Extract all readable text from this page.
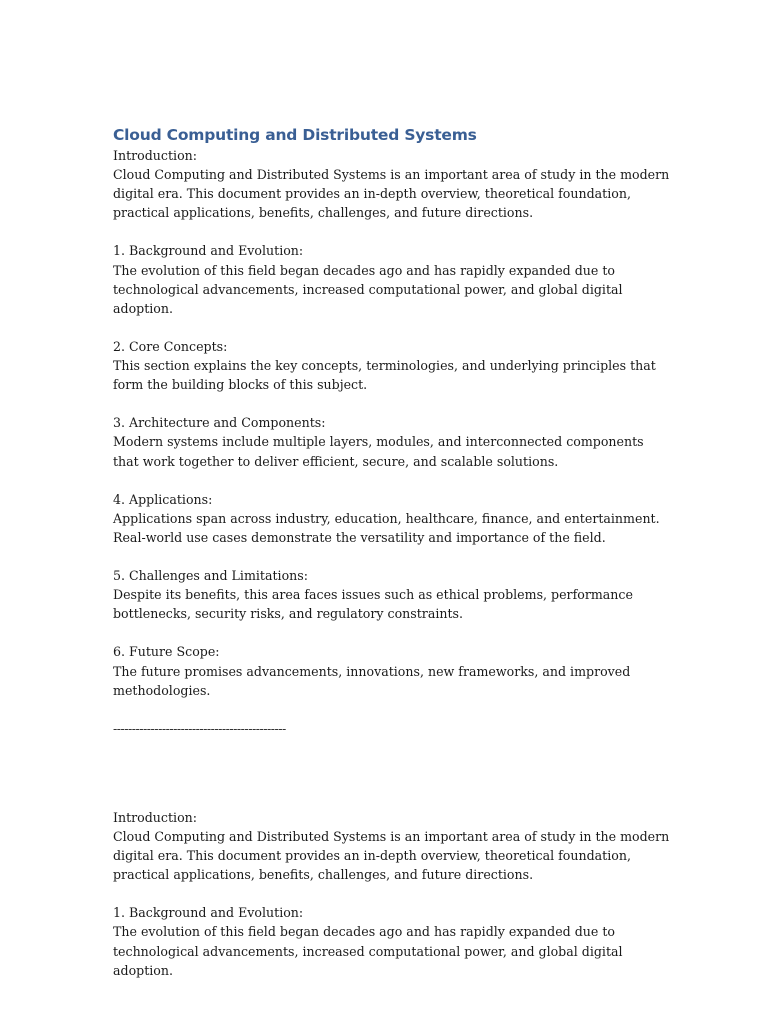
Cloud Computing and Distributed Systems

Introduction:

Cloud Computing and Distributed Systems is an important area of study in the modern digital era. This document provides an in-depth overview, theoretical foundation, practical applications, benefits, challenges, and future directions.

1. Background and Evolution:

The evolution of this field began decades ago and has rapidly expanded due to technological advancements, increased computational power, and global digital adoption.

2. Core Concepts:

This section explains the key concepts, terminologies, and underlying principles that form the building blocks of this subject.

3. Architecture and Components:

Modern systems include multiple layers, modules, and interconnected components that work together to deliver efficient, secure, and scalable solutions.

4. Applications:

Applications span across industry, education, healthcare, finance, and entertainment. Real-world use cases demonstrate the versatility and importance of the field.

5. Challenges and Limitations:

Despite its benefits, this area faces issues such as ethical problems, performance bottlenecks, security risks, and regulatory constraints.

6. Future Scope:

The future promises advancements, innovations, new frameworks, and improved methodologies.

----------------------------------------------

Introduction:

Cloud Computing and Distributed Systems is an important area of study in the modern digital era. This document provides an in-depth overview, theoretical foundation, practical applications, benefits, challenges, and future directions.

1. Background and Evolution:

The evolution of this field began decades ago and has rapidly expanded due to technological advancements, increased computational power, and global digital adoption.
